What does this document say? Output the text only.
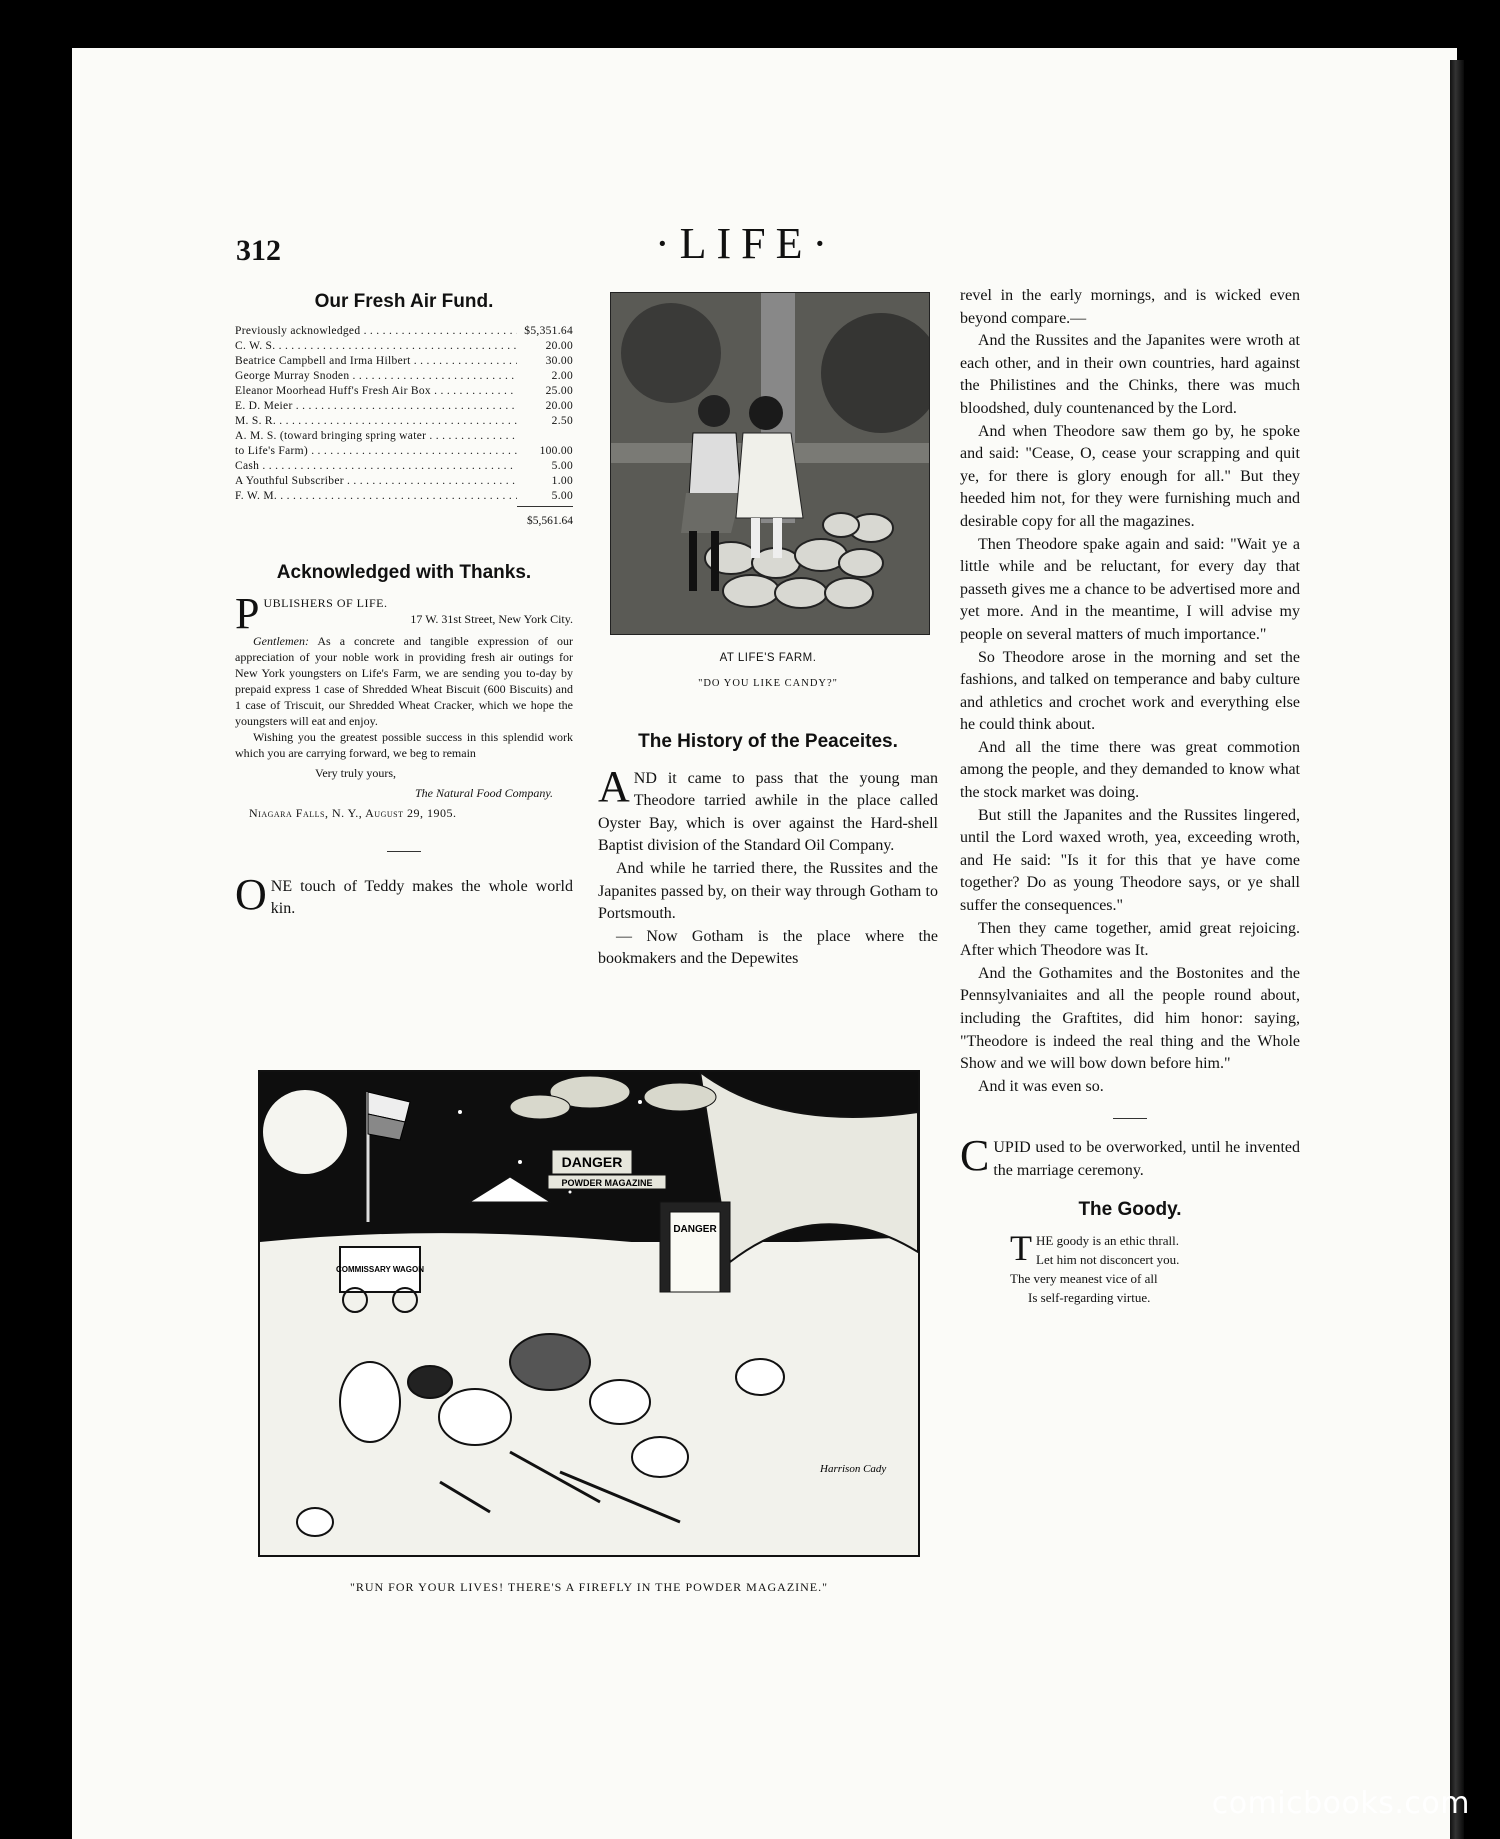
312	·LIFE·
Our Fresh Air Fund.
Previously acknowledged . . .	$5,351.64
C. W. S. . . .	20.00
Beatrice Campbell and Irma Hilbert . . .	30.00
George Murray Snoden . . .	2.00
Eleanor Moorhead Huff's Fresh Air Box . . .	25.00
E. D. Meier . . .	20.00
M. S. R. . . .	2.50
A. M. S. (toward bringing spring water . . .
to Life's Farm) . . .	100.00
Cash . . .	5.00
A Youthful Subscriber . . .	1.00
F. W. M. . . .	5.00
$5,561.64
Acknowledged with Thanks.
P UBLISHERS OF LIFE.
17 W. 31st Street, New York City.

Gentlemen: As a concrete and tangible expression of our appreciation of your noble work in providing fresh air outings for New York youngsters on Life's Farm, we are sending you to-day by prepaid express 1 case of Shredded Wheat Biscuit (600 Biscuits) and 1 case of Triscuit, our Shredded Wheat Cracker, which we hope the youngsters will eat and enjoy.

Wishing you the greatest possible success in this splendid work which you are carrying forward, we beg to remain

Very truly yours,

The Natural Food Company.

Niagara Falls, N. Y., August 29, 1905.

ONE touch of Teddy makes the whole world kin.

AT LIFE'S FARM.
"DO YOU LIKE CANDY?"
The History of the Peaceites.

AND it came to pass that the young man Theodore tarried awhile in the place called Oyster Bay, which is over against the Hard-shell Baptist division of the Standard Oil Company.

And while he tarried there, the Russites and the Japanites passed by, on their way through Gotham to Portsmouth.

— Now Gotham is the place where the bookmakers and the Depewites

revel in the early mornings, and is wicked even beyond compare.—

And the Russites and the Japanites were wroth at each other, and in their own countries, hard against the Philistines and the Chinks, there was much bloodshed, duly countenanced by the Lord.

And when Theodore saw them go by, he spoke and said: "Cease, O, cease your scrapping and quit ye, for there is glory enough for all." But they heeded him not, for they were furnishing much and desirable copy for all the magazines.

Then Theodore spake again and said: "Wait ye a little while and be reluctant, for every day that passeth gives me a chance to be advertised more and yet more. And in the meantime, I will advise my people on several matters of much importance."

So Theodore arose in the morning and set the fashions, and talked on temperance and baby culture and athletics and crochet work and everything else he could think about.

And all the time there was great commotion among the people, and they demanded to know what the stock market was doing.

But still the Japanites and the Russites lingered, until the Lord waxed wroth, yea, exceeding wroth, and He said: "Is it for this that ye have come together? Do as young Theodore says, or ye shall suffer the consequences."

Then they came together, amid great rejoicing. After which Theodore was It.

And the Gothamites and the Bostonites and the Pennsylvaniaites and all the people round about, including the Graftites, did him honor: saying, "Theodore is indeed the real thing and the Whole Show and we will bow down before him."

And it was even so.

CUPID used to be overworked, until he invented the marriage ceremony.

The Goody.
T HE goody is an ethic thrall.
Let him not disconcert you.
The very meanest vice of all
Is self-regarding virtue.
DANGER
POWDER MAGAZINE
DANGER
COMMISSARY WAGON
Harrison Cady
"RUN FOR YOUR LIVES! THERE'S A FIREFLY IN THE POWDER MAGAZINE."
comicbooks.com
